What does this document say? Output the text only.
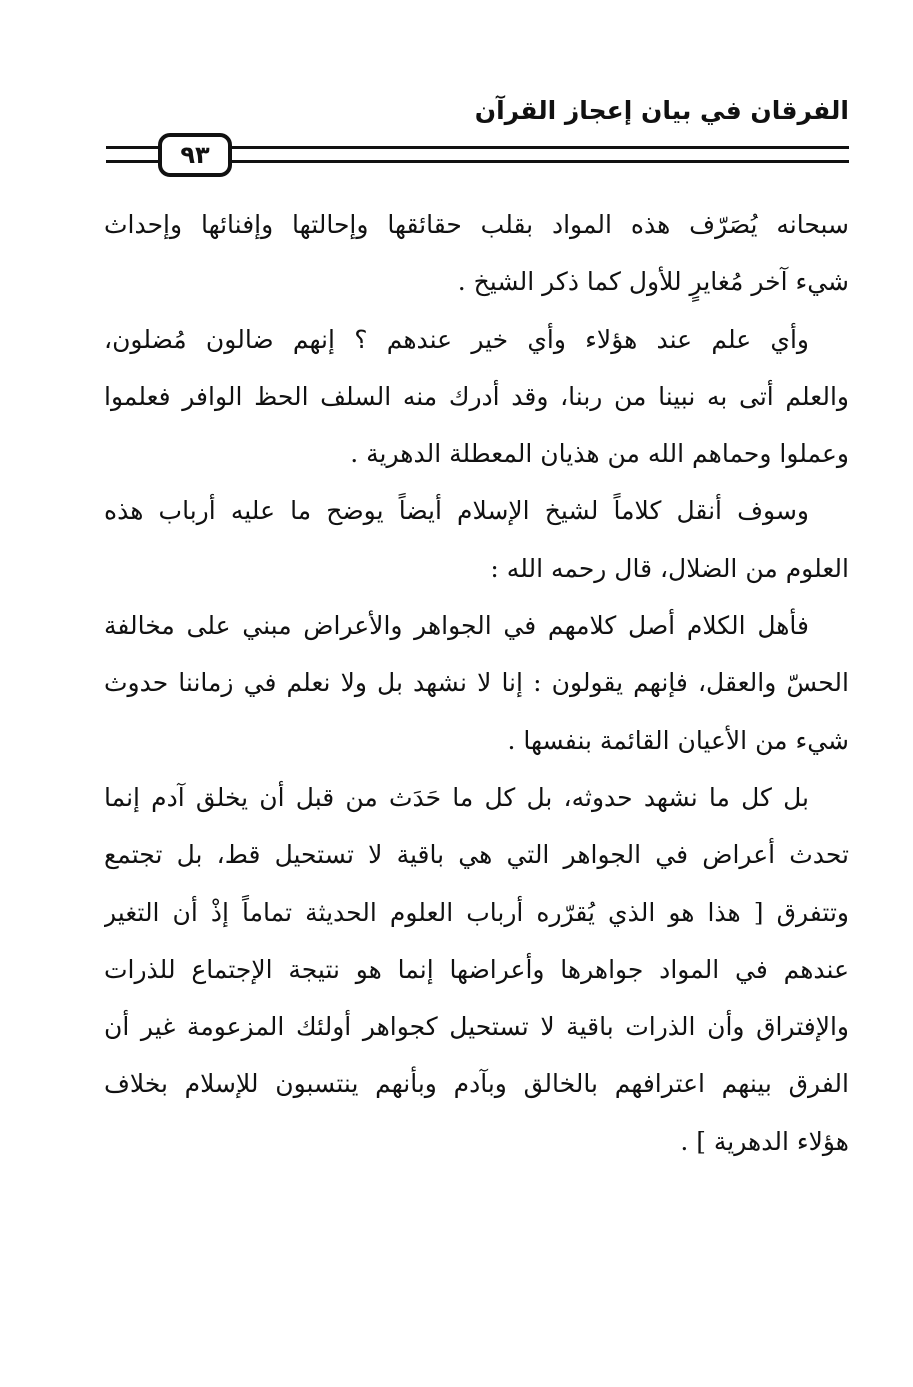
الفرقان في بيان إعجاز القرآن
٩٣
سبحانه يُصَرّف هذه المواد بقلب حقائقها وإحالتها وإفنائها وإحداث
شيء آخر مُغايرٍ للأول كما ذكر الشيخ .
وأي علم عند هؤلاء وأي خير عندهم ؟ إنهم ضالون مُضلون،
والعلم أتى به نبينا من ربنا، وقد أدرك منه السلف الحظ الوافر فعلموا
وعملوا وحماهم الله من هذيان المعطلة الدهرية .
وسوف أنقل كلاماً لشيخ الإسلام أيضاً يوضح ما عليه أرباب هذه
العلوم من الضلال، قال رحمه الله :
فأهل الكلام أصل كلامهم في الجواهر والأعراض مبني على مخالفة
الحسّ والعقل، فإنهم يقولون : إنا لا نشهد بل ولا نعلم في زماننا حدوث
شيء من الأعيان القائمة بنفسها .
بل كل ما نشهد حدوثه، بل كل ما حَدَث من قبل أن يخلق آدم إنما
تحدث أعراض في الجواهر التي هي باقية لا تستحيل قط، بل تجتمع
وتتفرق [ هذا هو الذي يُقرّره أرباب العلوم الحديثة تماماً إذْ أن التغير
عندهم في المواد جواهرها وأعراضها إنما هو نتيجة الإجتماع للذرات
والإفتراق وأن الذرات باقية لا تستحيل كجواهر أولئك المزعومة غير أن
الفرق بينهم اعترافهم بالخالق وبآدم وبأنهم ينتسبون للإسلام بخلاف
هؤلاء الدهرية ] .
